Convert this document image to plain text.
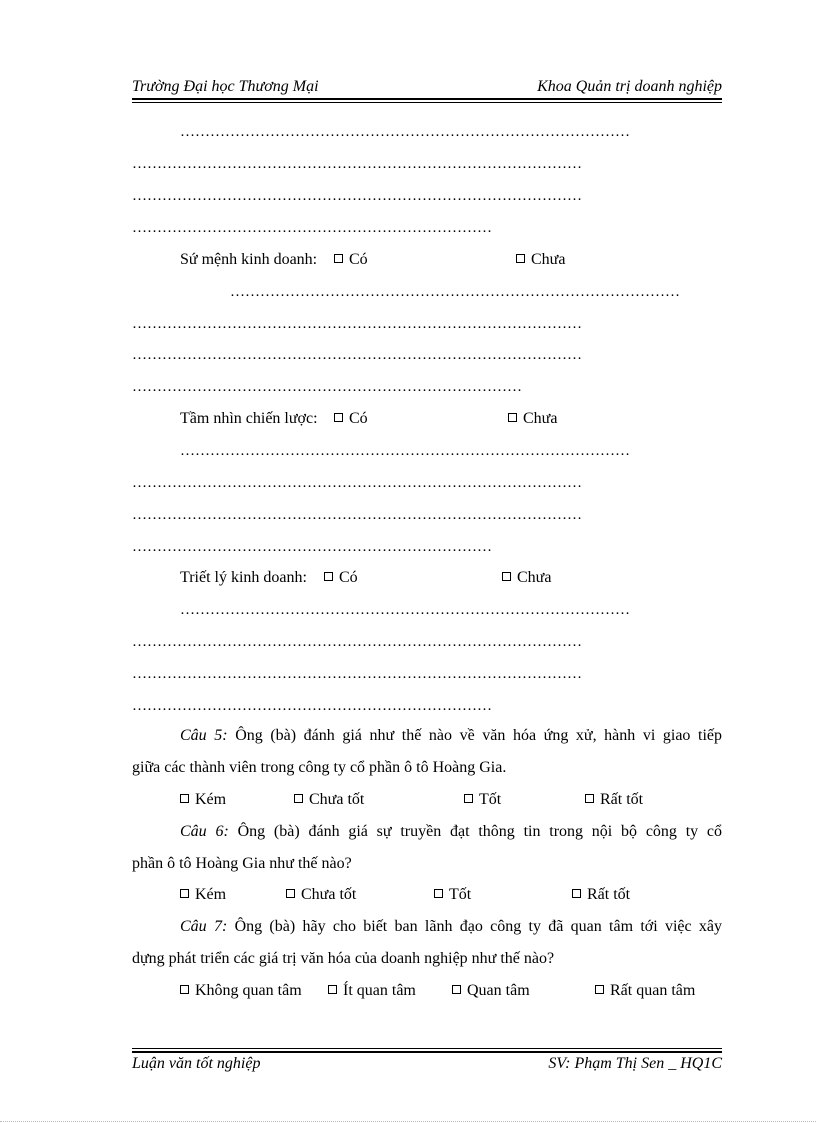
Trường Đại học Thương Mại	Khoa Quản trị doanh nghiệp
………………………………………………………………………………
………………………………………………………………………………
………………………………………………………………………………
………………………………………………………………
Sứ mệnh kinh doanh:	Có	Chưa
………………………………………………………………………………
………………………………………………………………………………
………………………………………………………………………………
……………………………………………………………………
Tầm nhìn chiến lược:	Có	Chưa
………………………………………………………………………………
………………………………………………………………………………
………………………………………………………………………………
………………………………………………………………
Triết lý kinh doanh:	Có	Chưa
………………………………………………………………………………
………………………………………………………………………………
………………………………………………………………………………
………………………………………………………………
Câu 5: Ông (bà) đánh giá như thế nào về văn hóa ứng xử, hành vi giao tiếp
giữa các thành viên trong công ty cổ phần ô tô Hoàng Gia.
Kém	Chưa tốt	Tốt	Rất tốt
Câu 6: Ông (bà) đánh giá sự truyền đạt thông tin trong nội bộ công ty cổ
phần ô tô Hoàng Gia như thế nào?
Kém	Chưa tốt	Tốt	Rất tốt
Câu 7: Ông (bà) hãy cho biết ban lãnh đạo công ty đã quan tâm tới việc xây
dựng phát triển các giá trị văn hóa của doanh nghiệp như thế nào?
Không quan tâm	Ít quan tâm	Quan tâm	Rất quan tâm
Luận văn tốt nghiệp	SV: Phạm Thị Sen _ HQ1C
